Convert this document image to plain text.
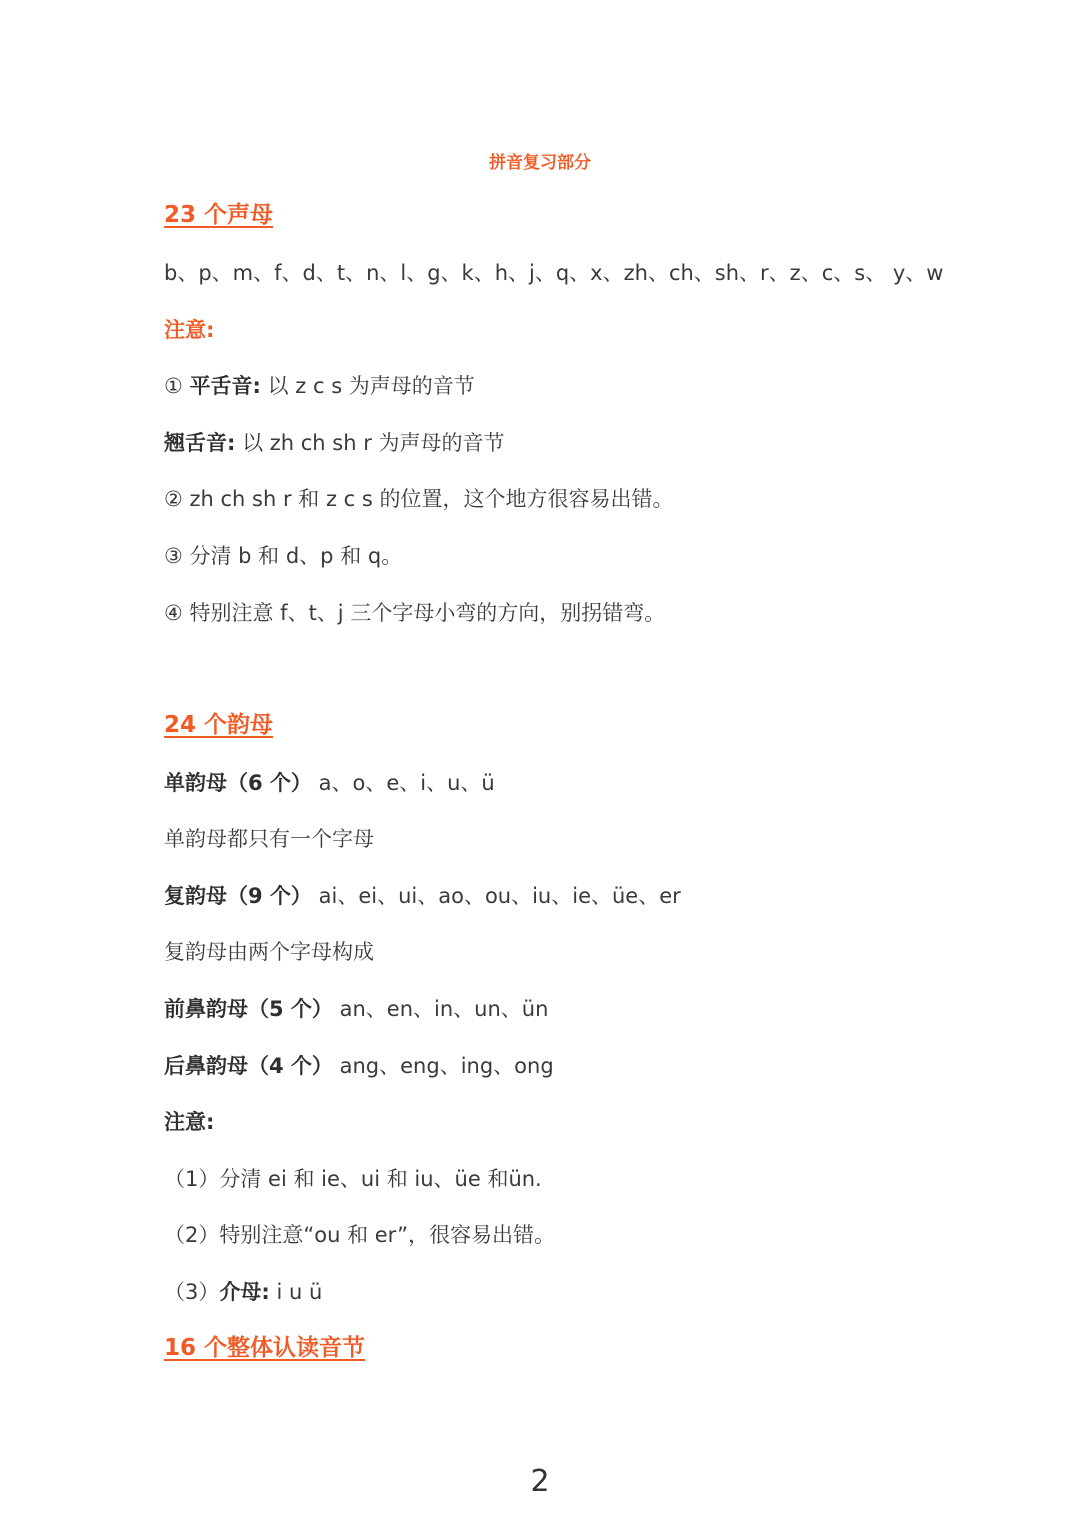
拼音复习部分
23 个声母
b、p、m、f、d、t、n、l、g、k、h、j、q、x、zh、ch、sh、r、z、c、s、 y、w
注意:
① 平舌音: 以 z c s 为声母的音节
翘舌音: 以 zh ch sh r 为声母的音节
② zh ch sh r 和 z c s 的位置，这个地方很容易出错。
③ 分清 b 和 d、p 和 q。
④ 特别注意 f、t、j 三个字母小弯的方向，别拐错弯。
24 个韵母
单韵母（6 个） a、o、e、i、u、ü
单韵母都只有一个字母
复韵母（9 个） ai、ei、ui、ao、ou、iu、ie、üe、er
复韵母由两个字母构成
前鼻韵母（5 个） an、en、in、un、ün
后鼻韵母（4 个） ang、eng、ing、ong
注意:
（1）分清 ei 和 ie、ui 和 iu、üe 和ün.
（2）特别注意“ou 和 er”，很容易出错。
（3）介母: i u ü
16 个整体认读音节
2
